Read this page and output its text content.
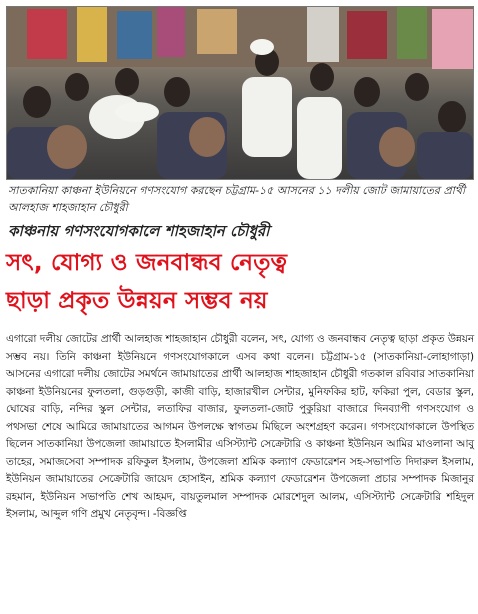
সাতকানিয়া কাঞ্চনা ইউনিয়নে গণসংযোগ করছেন চট্টগ্রাম-১৫ আসনের ১১ দলীয় জোট জামায়াতের প্রার্থী আলহাজ শাহজাহান চৌধুরী

কাঞ্চনায় গণসংযোগকালে শাহজাহান চৌধুরী

সৎ, যোগ্য ও জনবান্ধব নেতৃত্ব
ছাড়া প্রকৃত উন্নয়ন সম্ভব নয়

এগারো দলীয় জোটের প্রার্থী আলহাজ শাহজাহান চৌধুরী বলেন, সৎ, যোগ্য ও জনবান্ধব নেতৃত্ব ছাড়া প্রকৃত উন্নয়ন সম্ভব নয়। তিনি কাঞ্চনা ইউনিয়নে গণসংযোগকালে এসব কথা বলেন। চট্টগ্রাম-১৫ (সাতকানিয়া-লোহাগাড়া) আসনের এগারো দলীয় জোটের সমর্থনে জামায়াতের প্রার্থী আলহাজ শাহজাহান চৌধুরী গতকাল রবিবার সাতকানিয়া কাঞ্চনা ইউনিয়নের ফুলতলা, গুড়গুড়ী, কাজী বাড়ি, হাজারখীল সেন্টার, মুনিফকির হাট, ফকিরা পুল, বেডার স্কুল, ঘোষের বাড়ি, নন্দির স্কুল সেন্টার, লতাফির বাজার, ফুলতলা-জোট পুকুরিয়া বাজারে দিনব্যাপী গণসংযোগ ও পথসভা শেষে আমিরে জামায়াতের আগমন উপলক্ষে স্বাগতম মিছিলে অংশগ্রহণ করেন। গণসংযোগকালে উপস্থিত ছিলেন সাতকানিয়া উপজেলা জামায়াতে ইসলামীর এসিস্ট্যান্ট সেক্রেটারি ও কাঞ্চনা ইউনিয়ন আমির মাওলানা আবু তাহের, সমাজসেবা সম্পাদক রফিকুল ইসলাম, উপজেলা শ্রমিক কল্যাণ ফেডারেশন সহ-সভাপতি দিদারুল ইসলাম, ইউনিয়ন জামায়াতের সেক্রেটারি জায়েদ হোসাইন, শ্রমিক কল্যাণ ফেডারেশন উপজেলা প্রচার সম্পাদক মিজানুর রহমান, ইউনিয়ন সভাপতি শেখ আহমদ, বায়তুলমাল সম্পাদক মোরশেদুল আলম, এসিস্ট্যান্ট সেক্রেটারি শহিদুল ইসলাম, আব্দুল গণি প্রমুখ নেতৃবৃন্দ। -বিজ্ঞপ্তি
